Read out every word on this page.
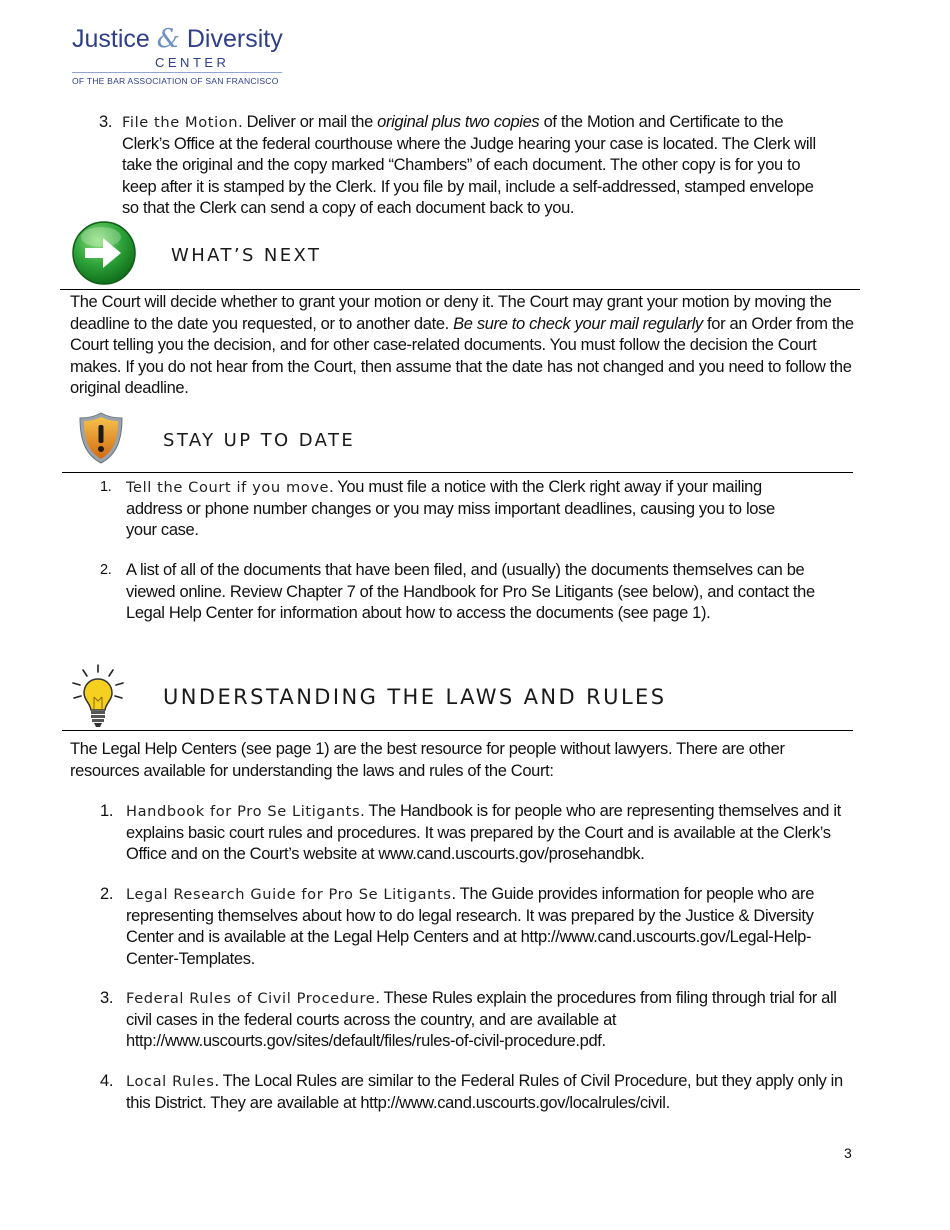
Justice & Diversity
CENTER
OF THE BAR ASSOCIATION OF SAN FRANCISCO
3. File the Motion. Deliver or mail the original plus two copies of the Motion and Certificate to the Clerk’s Office at the federal courthouse where the Judge hearing your case is located. The Clerk will take the original and the copy marked “Chambers” of each document. The other copy is for you to keep after it is stamped by the Clerk. If you file by mail, include a self-addressed, stamped envelope so that the Clerk can send a copy of each document back to you.
WHAT’S NEXT
The Court will decide whether to grant your motion or deny it. The Court may grant your motion by moving the deadline to the date you requested, or to another date. Be sure to check your mail regularly for an Order from the Court telling you the decision, and for other case-related documents. You must follow the decision the Court makes. If you do not hear from the Court, then assume that the date has not changed and you need to follow the original deadline.
STAY UP TO DATE
1. Tell the Court if you move. You must file a notice with the Clerk right away if your mailing address or phone number changes or you may miss important deadlines, causing you to lose your case.
2. A list of all of the documents that have been filed, and (usually) the documents themselves can be viewed online. Review Chapter 7 of the Handbook for Pro Se Litigants (see below), and contact the Legal Help Center for information about how to access the documents (see page 1).
UNDERSTANDING THE LAWS AND RULES
The Legal Help Centers (see page 1) are the best resource for people without lawyers. There are other resources available for understanding the laws and rules of the Court:
1. Handbook for Pro Se Litigants. The Handbook is for people who are representing themselves and it explains basic court rules and procedures. It was prepared by the Court and is available at the Clerk’s Office and on the Court’s website at www.cand.uscourts.gov/prosehandbk.
2. Legal Research Guide for Pro Se Litigants. The Guide provides information for people who are representing themselves about how to do legal research. It was prepared by the Justice & Diversity Center and is available at the Legal Help Centers and at http://www.cand.uscourts.gov/Legal-Help-Center-Templates.
3. Federal Rules of Civil Procedure. These Rules explain the procedures from filing through trial for all civil cases in the federal courts across the country, and are available at http://www.uscourts.gov/sites/default/files/rules-of-civil-procedure.pdf.
4. Local Rules. The Local Rules are similar to the Federal Rules of Civil Procedure, but they apply only in this District. They are available at http://www.cand.uscourts.gov/localrules/civil.
3
